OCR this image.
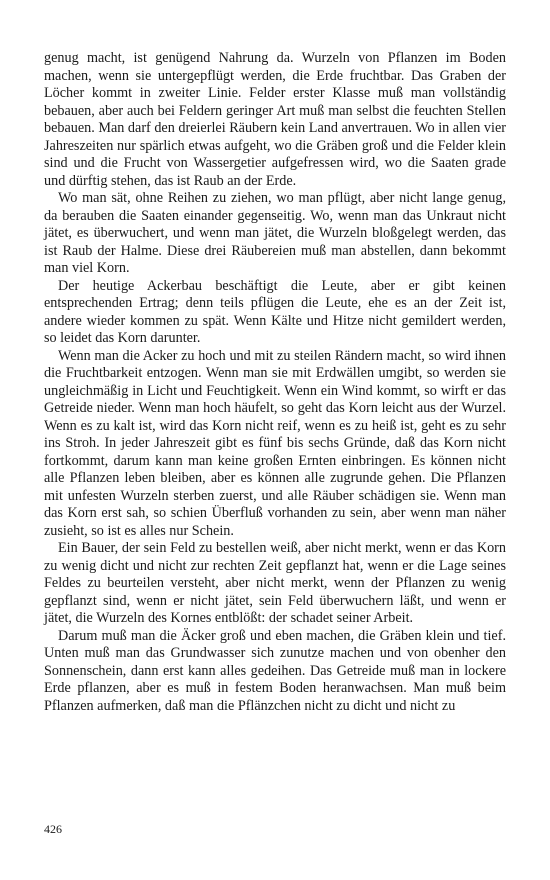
genug macht, ist genügend Nahrung da. Wurzeln von Pflanzen im Boden machen, wenn sie untergepflügt werden, die Erde fruchtbar. Das Graben der Löcher kommt in zweiter Linie. Felder erster Klasse muß man vollständig bebauen, aber auch bei Feldern geringer Art muß man selbst die feuchten Stellen bebauen. Man darf den dreierlei Räubern kein Land anvertrauen. Wo in allen vier Jahreszeiten nur spärlich etwas aufgeht, wo die Gräben groß und die Felder klein sind und die Frucht von Wassergetier aufgefressen wird, wo die Saaten grade und dürftig stehen, das ist Raub an der Erde.

Wo man sät, ohne Reihen zu ziehen, wo man pflügt, aber nicht lange genug, da berauben die Saaten einander gegenseitig. Wo, wenn man das Unkraut nicht jätet, es überwuchert, und wenn man jätet, die Wurzeln bloßgelegt werden, das ist Raub der Halme. Diese drei Räubereien muß man abstellen, dann bekommt man viel Korn.

Der heutige Ackerbau beschäftigt die Leute, aber er gibt keinen entsprechenden Ertrag; denn teils pflügen die Leute, ehe es an der Zeit ist, andere wieder kommen zu spät. Wenn Kälte und Hitze nicht gemildert werden, so leidet das Korn darunter.

Wenn man die Acker zu hoch und mit zu steilen Rändern macht, so wird ihnen die Fruchtbarkeit entzogen. Wenn man sie mit Erdwällen umgibt, so werden sie ungleichmäßig in Licht und Feuchtigkeit. Wenn ein Wind kommt, so wirft er das Getreide nieder. Wenn man hoch häufelt, so geht das Korn leicht aus der Wurzel. Wenn es zu kalt ist, wird das Korn nicht reif, wenn es zu heiß ist, geht es zu sehr ins Stroh. In jeder Jahreszeit gibt es fünf bis sechs Gründe, daß das Korn nicht fortkommt, darum kann man keine großen Ernten einbringen. Es können nicht alle Pflanzen leben bleiben, aber es können alle zugrunde gehen. Die Pflanzen mit unfesten Wurzeln sterben zuerst, und alle Räuber schädigen sie. Wenn man das Korn erst sah, so schien Überfluß vorhanden zu sein, aber wenn man näher zusieht, so ist es alles nur Schein.

Ein Bauer, der sein Feld zu bestellen weiß, aber nicht merkt, wenn er das Korn zu wenig dicht und nicht zur rechten Zeit gepflanzt hat, wenn er die Lage seines Feldes zu beurteilen versteht, aber nicht merkt, wenn der Pflanzen zu wenig gepflanzt sind, wenn er nicht jätet, sein Feld überwuchern läßt, und wenn er jätet, die Wurzeln des Kornes entblößt: der schadet seiner Arbeit.

Darum muß man die Äcker groß und eben machen, die Gräben klein und tief. Unten muß man das Grundwasser sich zunutze machen und von obenher den Sonnenschein, dann erst kann alles gedeihen. Das Getreide muß man in lockere Erde pflanzen, aber es muß in festem Boden heranwachsen. Man muß beim Pflanzen aufmerken, daß man die Pflänzchen nicht zu dicht und nicht zu

426
